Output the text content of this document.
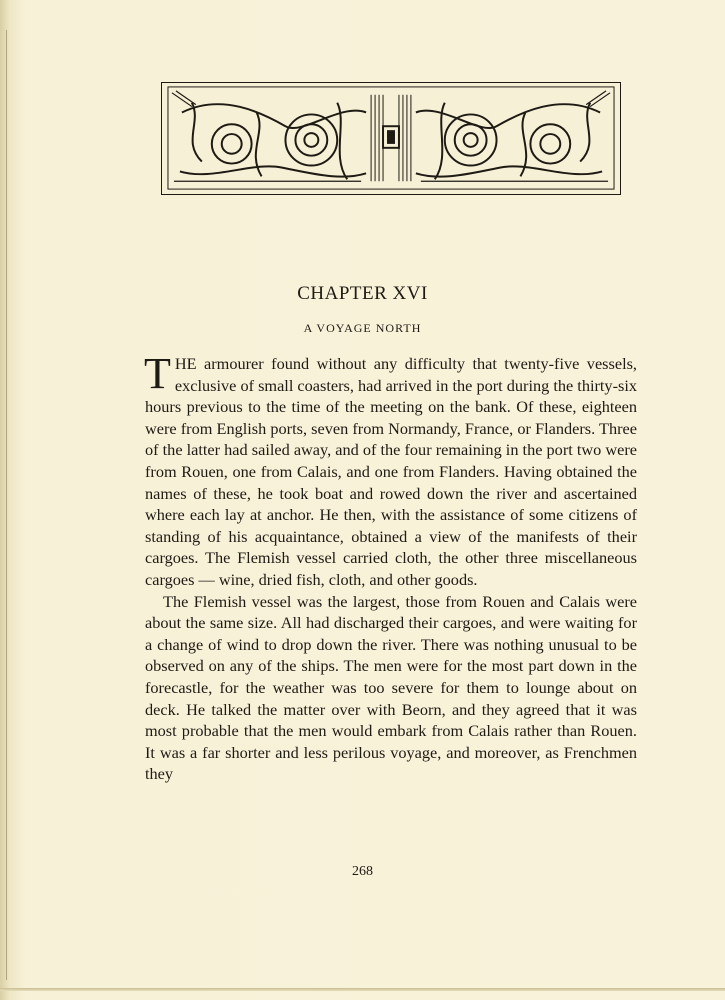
CHAPTER XVI
A VOYAGE NORTH

THE armourer found without any difficulty that twenty-five vessels, exclusive of small coasters, had arrived in the port during the thirty-six hours previous to the time of the meeting on the bank. Of these, eighteen were from English ports, seven from Normandy, France, or Flanders. Three of the latter had sailed away, and of the four remaining in the port two were from Rouen, one from Calais, and one from Flanders. Having obtained the names of these, he took boat and rowed down the river and ascertained where each lay at anchor. He then, with the assistance of some citizens of standing of his acquaintance, obtained a view of the manifests of their cargoes. The Flemish vessel carried cloth, the other three miscellaneous cargoes — wine, dried fish, cloth, and other goods.

The Flemish vessel was the largest, those from Rouen and Calais were about the same size. All had discharged their cargoes, and were waiting for a change of wind to drop down the river. There was nothing unusual to be observed on any of the ships. The men were for the most part down in the forecastle, for the weather was too severe for them to lounge about on deck. He talked the matter over with Beorn, and they agreed that it was most probable that the men would embark from Calais rather than Rouen. It was a far shorter and less perilous voyage, and moreover, as Frenchmen they

268
